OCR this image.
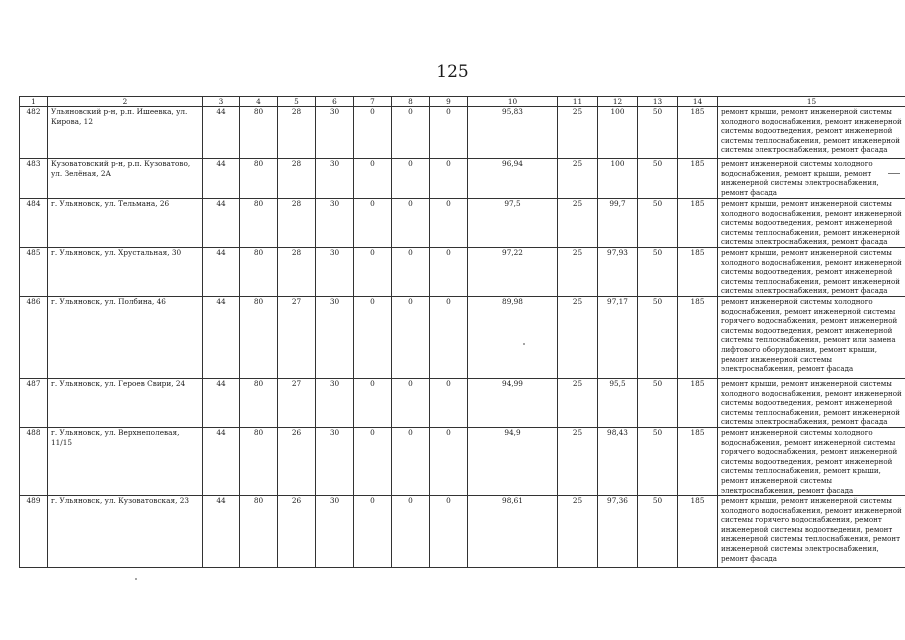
125
1	2	3	4	5	6	7	8	9	10	11	12	13	14	15
482	Ульяновский р-н, р.п. Ишеевка, ул. Кирова, 12	44	80	28	30	0	0	0	95,83	25	100	50	185	ремонт крыши, ремонт инженерной системы холодного водоснабжения, ремонт инженерной системы водоотведения, ремонт инженерной системы теплоснабжения, ремонт инженерной системы электроснабжения, ремонт фасада
483	Кузоватовский р-н, р.п. Кузоватово, ул. Зелёная, 2А	44	80	28	30	0	0	0	96,94	25	100	50	185	ремонт инженерной системы холодного водоснабжения, ремонт крыши, ремонт инженерной системы электроснабжения, ремонт фасада
484	г. Ульяновск, ул. Тельмана, 26	44	80	28	30	0	0	0	97,5	25	99,7	50	185	ремонт крыши, ремонт инженерной системы холодного водоснабжения, ремонт инженерной системы водоотведения, ремонт инженерной системы теплоснабжения, ремонт инженерной системы электроснабжения, ремонт фасада
485	г. Ульяновск, ул. Хрустальная, 30	44	80	28	30	0	0	0	97,22	25	97,93	50	185	ремонт крыши, ремонт инженерной системы холодного водоснабжения, ремонт инженерной системы водоотведения, ремонт инженерной системы теплоснабжения, ремонт инженерной системы электроснабжения, ремонт фасада
486	г. Ульяновск, ул. Полбина, 46	44	80	27	30	0	0	0	89,98	25	97,17	50	185	ремонт инженерной системы холодного водоснабжения, ремонт инженерной системы горячего водоснабжения, ремонт инженерной системы водоотведения, ремонт инженерной системы теплоснабжения, ремонт или замена лифтового оборудования, ремонт крыши, ремонт инженерной системы электроснабжения, ремонт фасада
487	г. Ульяновск, ул. Героев Свири, 24	44	80	27	30	0	0	0	94,99	25	95,5	50	185	ремонт крыши, ремонт инженерной системы холодного водоснабжения, ремонт инженерной системы водоотведения, ремонт инженерной системы теплоснабжения, ремонт инженерной системы электроснабжения, ремонт фасада
488	г. Ульяновск, ул. Верхнеполевая, 11/15	44	80	26	30	0	0	0	94,9	25	98,43	50	185	ремонт инженерной системы холодного водоснабжения, ремонт инженерной системы горячего водоснабжения, ремонт инженерной системы водоотведения, ремонт инженерной системы теплоснабжения, ремонт крыши, ремонт инженерной системы электроснабжения, ремонт фасада
489	г. Ульяновск, ул. Кузоватовская, 23	44	80	26	30	0	0	0	98,61	25	97,36	50	185	ремонт крыши, ремонт инженерной системы холодного водоснабжения, ремонт инженерной системы горячего водоснабжения, ремонт инженерной системы водоотведения, ремонт инженерной системы теплоснабжения, ремонт инженерной системы электроснабжения, ремонт фасада
